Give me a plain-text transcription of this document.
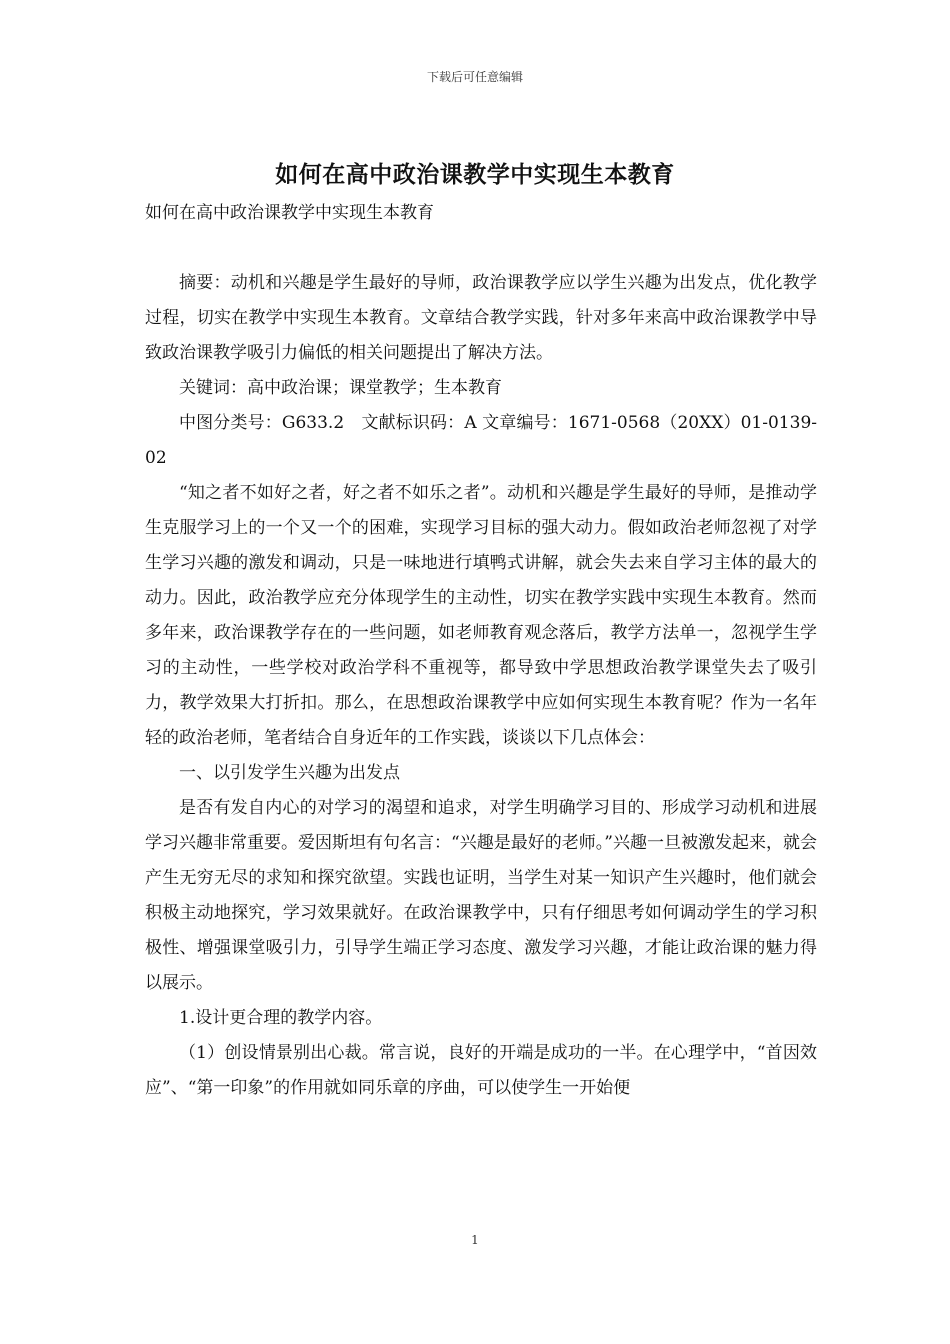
下载后可任意编辑
如何在高中政治课教学中实现生本教育

如何在高中政治课教学中实现生本教育

摘要：动机和兴趣是学生最好的导师，政治课教学应以学生兴趣为出发点，优化教学过程，切实在教学中实现生本教育。文章结合教学实践，针对多年来高中政治课教学中导致政治课教学吸引力偏低的相关问题提出了解决方法。

关键词：高中政治课；课堂教学；生本教育

中图分类号：G633.2　文献标识码：A 文章编号：1671-0568（20XX）01-0139-02

“知之者不如好之者，好之者不如乐之者”。动机和兴趣是学生最好的导师，是推动学生克服学习上的一个又一个的困难，实现学习目标的强大动力。假如政治老师忽视了对学生学习兴趣的激发和调动，只是一味地进行填鸭式讲解，就会失去来自学习主体的最大的动力。因此，政治教学应充分体现学生的主动性，切实在教学实践中实现生本教育。然而多年来，政治课教学存在的一些问题，如老师教育观念落后，教学方法单一，忽视学生学习的主动性，一些学校对政治学科不重视等，都导致中学思想政治教学课堂失去了吸引力，教学效果大打折扣。那么，在思想政治课教学中应如何实现生本教育呢？作为一名年轻的政治老师，笔者结合自身近年的工作实践，谈谈以下几点体会：

一、以引发学生兴趣为出发点

是否有发自内心的对学习的渴望和追求，对学生明确学习目的、形成学习动机和进展学习兴趣非常重要。爱因斯坦有句名言：“兴趣是最好的老师。”兴趣一旦被激发起来，就会产生无穷无尽的求知和探究欲望。实践也证明，当学生对某一知识产生兴趣时，他们就会积极主动地探究，学习效果就好。在政治课教学中，只有仔细思考如何调动学生的学习积极性、增强课堂吸引力，引导学生端正学习态度、激发学习兴趣，才能让政治课的魅力得以展示。

1.设计更合理的教学内容。

（1）创设情景别出心裁。常言说，良好的开端是成功的一半。在心理学中，“首因效应”、“第一印象”的作用就如同乐章的序曲，可以使学生一开始便

1
